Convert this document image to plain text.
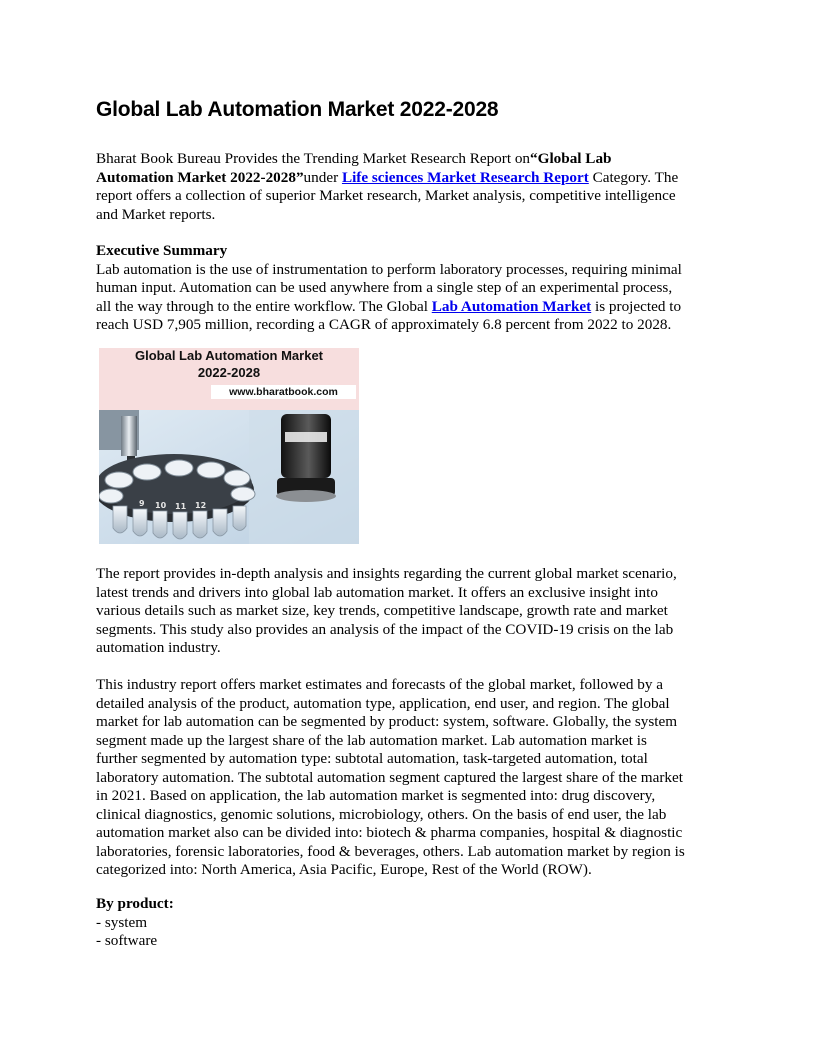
Global Lab Automation Market 2022-2028
Bharat Book Bureau Provides the Trending Market Research Report on“Global Lab
Automation Market 2022-2028”under Life sciences Market Research Report Category. The
report offers a collection of superior Market research, Market analysis, competitive intelligence
and Market reports.
Executive Summary
Lab automation is the use of instrumentation to perform laboratory processes, requiring minimal
human input. Automation can be used anywhere from a single step of an experimental process,
all the way through to the entire workflow. The Global Lab Automation Market is projected to
reach USD 7,905 million, recording a CAGR of approximately 6.8 percent from 2022 to 2028.
Global Lab Automation Market
2022-2028
www.bharatbook.com
9 10 11 12
The report provides in-depth analysis and insights regarding the current global market scenario,
latest trends and drivers into global lab automation market. It offers an exclusive insight into
various details such as market size, key trends, competitive landscape, growth rate and market
segments. This study also provides an analysis of the impact of the COVID-19 crisis on the lab
automation industry.
This industry report offers market estimates and forecasts of the global market, followed by a
detailed analysis of the product, automation type, application, end user, and region. The global
market for lab automation can be segmented by product: system, software. Globally, the system
segment made up the largest share of the lab automation market. Lab automation market is
further segmented by automation type: subtotal automation, task-targeted automation, total
laboratory automation. The subtotal automation segment captured the largest share of the market
in 2021. Based on application, the lab automation market is segmented into: drug discovery,
clinical diagnostics, genomic solutions, microbiology, others. On the basis of end user, the lab
automation market also can be divided into: biotech & pharma companies, hospital & diagnostic
laboratories, forensic laboratories, food & beverages, others. Lab automation market by region is
categorized into: North America, Asia Pacific, Europe, Rest of the World (ROW).
By product:
- system
- software
